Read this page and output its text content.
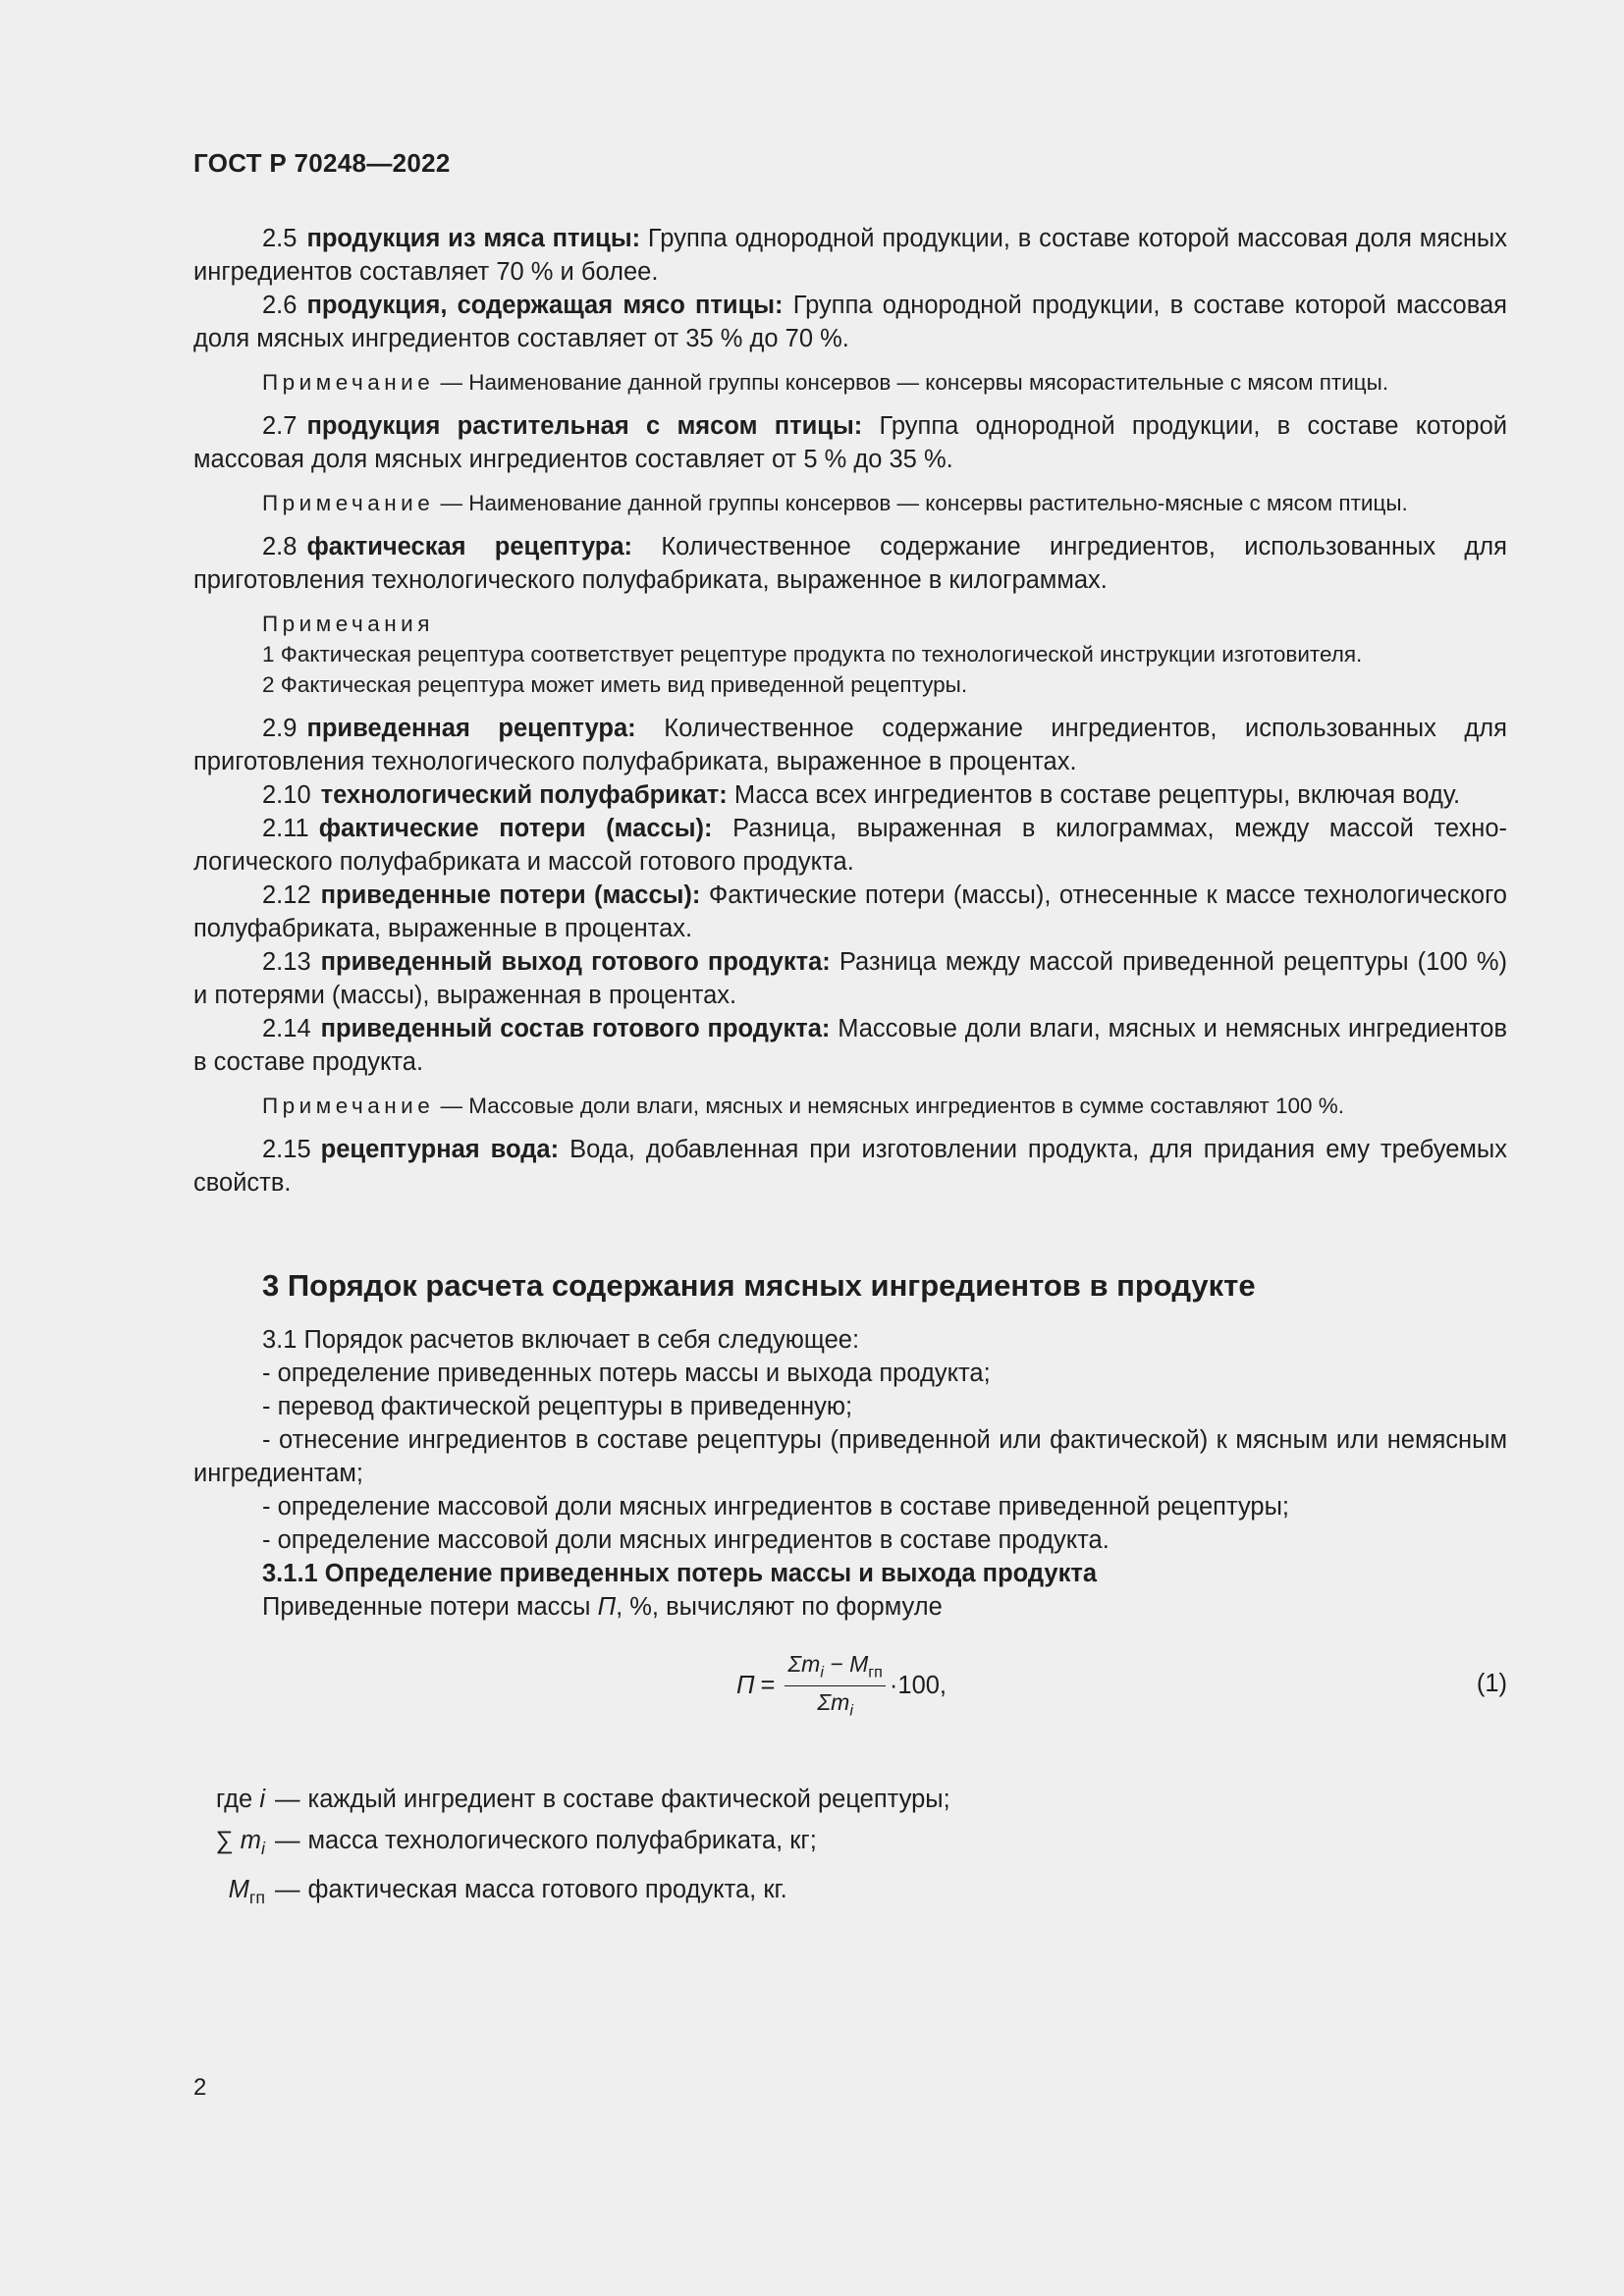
ГОСТ Р 70248—2022

2.5 продукция из мяса птицы: Группа однородной продукции, в составе которой массовая доля мясных ингредиентов составляет 70 % и более.

2.6 продукция, содержащая мясо птицы: Группа однородной продукции, в составе которой массовая доля мясных ингредиентов составляет от 35 % до 70 %.

Примечание — Наименование данной группы консервов — консервы мясорастительные с мясом птицы.

2.7 продукция растительная с мясом птицы: Группа однородной продукции, в составе которой массовая доля мясных ингредиентов составляет от 5 % до 35 %.

Примечание — Наименование данной группы консервов — консервы растительно-мясные с мясом птицы.

2.8 фактическая рецептура: Количественное содержание ингредиентов, использованных для приготовления технологического полуфабриката, выраженное в килограммах.

Примечания
1 Фактическая рецептура соответствует рецептуре продукта по технологической инструкции изготовителя.
2 Фактическая рецептура может иметь вид приведенной рецептуры.

2.9 приведенная рецептура: Количественное содержание ингредиентов, использованных для приготовления технологического полуфабриката, выраженное в процентах.

2.10 технологический полуфабрикат: Масса всех ингредиентов в составе рецептуры, включая воду.

2.11 фактические потери (массы): Разница, выраженная в килограммах, между массой технологического полуфабриката и массой готового продукта.

2.12 приведенные потери (массы): Фактические потери (массы), отнесенные к массе технологического полуфабриката, выраженные в процентах.

2.13 приведенный выход готового продукта: Разница между массой приведенной рецептуры (100 %) и потерями (массы), выраженная в процентах.

2.14 приведенный состав готового продукта: Массовые доли влаги, мясных и немясных ингредиентов в составе продукта.

Примечание — Массовые доли влаги, мясных и немясных ингредиентов в сумме составляют 100 %.

2.15 рецептурная вода: Вода, добавленная при изготовлении продукта, для придания ему требуемых свойств.

3 Порядок расчета содержания мясных ингредиентов в продукте

3.1 Порядок расчетов включает в себя следующее:

- определение приведенных потерь массы и выхода продукта;

- перевод фактической рецептуры в приведенную;

- отнесение ингредиентов в составе рецептуры (приведенной или фактической) к мясным или немясным ингредиентам;

- определение массовой доли мясных ингредиентов в составе приведенной рецептуры;

- определение массовой доли мясных ингредиентов в составе продукта.

3.1.1 Определение приведенных потерь массы и выхода продукта

Приведенные потери массы П, %, вычисляют по формуле

$П = \frac{\Sigma m_i - M_{гп}}{\Sigma m_i} \cdot 100$,	(1)
где i — каждый ингредиент в составе фактической рецептуры;
∑ $m_i$ — масса технологического полуфабриката, кг;
$M_{гп}$ — фактическая масса готового продукта, кг.
2
